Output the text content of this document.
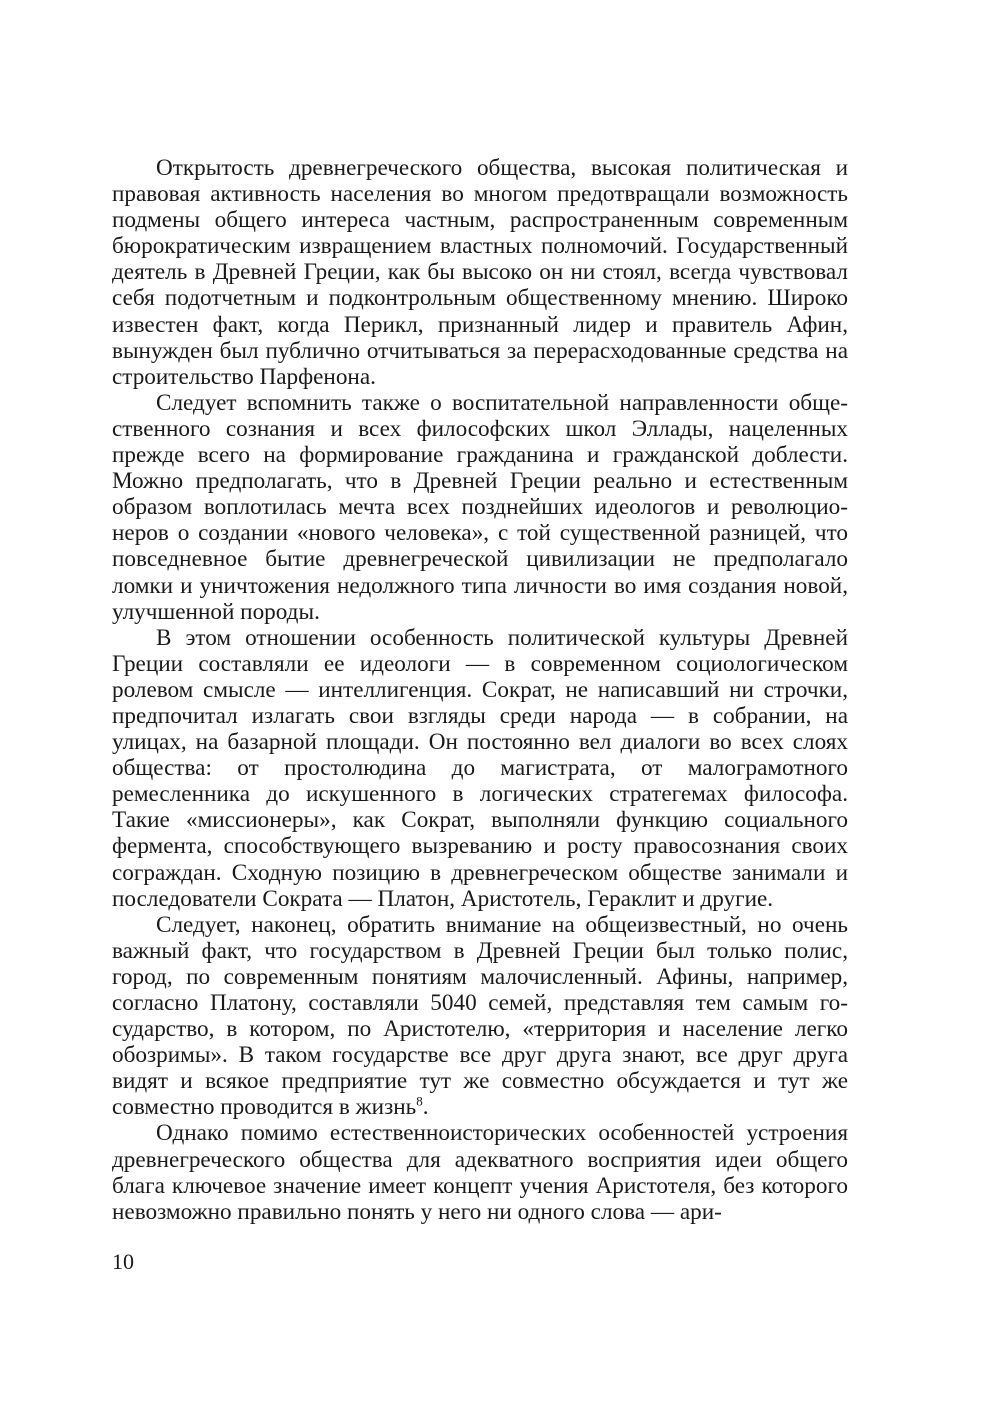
Открытость древнегреческого общества, высокая политическая и правовая активность населения во многом предотвращали возможность подмены общего интереса частным, распространенным современным бюрократическим извращением властных полномочий. Государственный деятель в Древней Греции, как бы высоко он ни стоял, всегда чувствовал себя подотчетным и подконтрольным общественному мнению. Широко известен факт, когда Перикл, признанный лидер и правитель Афин, вынужден был публично отчитываться за перерасходованные средства на строительство Парфенона.

Следует вспомнить также о воспитательной направленности общественного сознания и всех философских школ Эллады, нацеленных прежде всего на формирование гражданина и гражданской доблести. Можно предполагать, что в Древней Греции реально и естественным образом воплотилась мечта всех позднейших идеологов и революционеров о создании «нового человека», с той существенной разницей, что повседневное бытие древнегреческой цивилизации не предполагало ломки и уничтожения недолжного типа личности во имя создания новой, улучшенной породы.

В этом отношении особенность политической культуры Древней Греции составляли ее идеологи — в современном социологическом ролевом смысле — интеллигенция. Сократ, не написавший ни строчки, предпочитал излагать свои взгляды среди народа — в собрании, на улицах, на базарной площади. Он постоянно вел диалоги во всех слоях общества: от простолюдина до магистрата, от малограмотного ремесленника до искушенного в логических стратегемах философа. Такие «миссионеры», как Сократ, выполняли функцию социального фермента, способствующего вызреванию и росту правосознания своих сограждан. Сходную позицию в древнегреческом обществе занимали и последователи Сократа — Платон, Аристотель, Гераклит и другие.

Следует, наконец, обратить внимание на общеизвестный, но очень важный факт, что государством в Древней Греции был только полис, город, по современным понятиям малочисленный. Афины, например, согласно Платону, составляли 5040 семей, представляя тем самым государство, в котором, по Аристотелю, «территория и население легко обозримы». В таком государстве все друг друга знают, все друг друга видят и всякое предприятие тут же совместно обсуждается и тут же совместно проводится в жизнь$^8$.

Однако помимо естественноисторических особенностей устроения древнегреческого общества для адекватного восприятия идеи общего блага ключевое значение имеет концепт учения Аристотеля, без которого невозможно правильно понять у него ни одного слова — ари-

10
